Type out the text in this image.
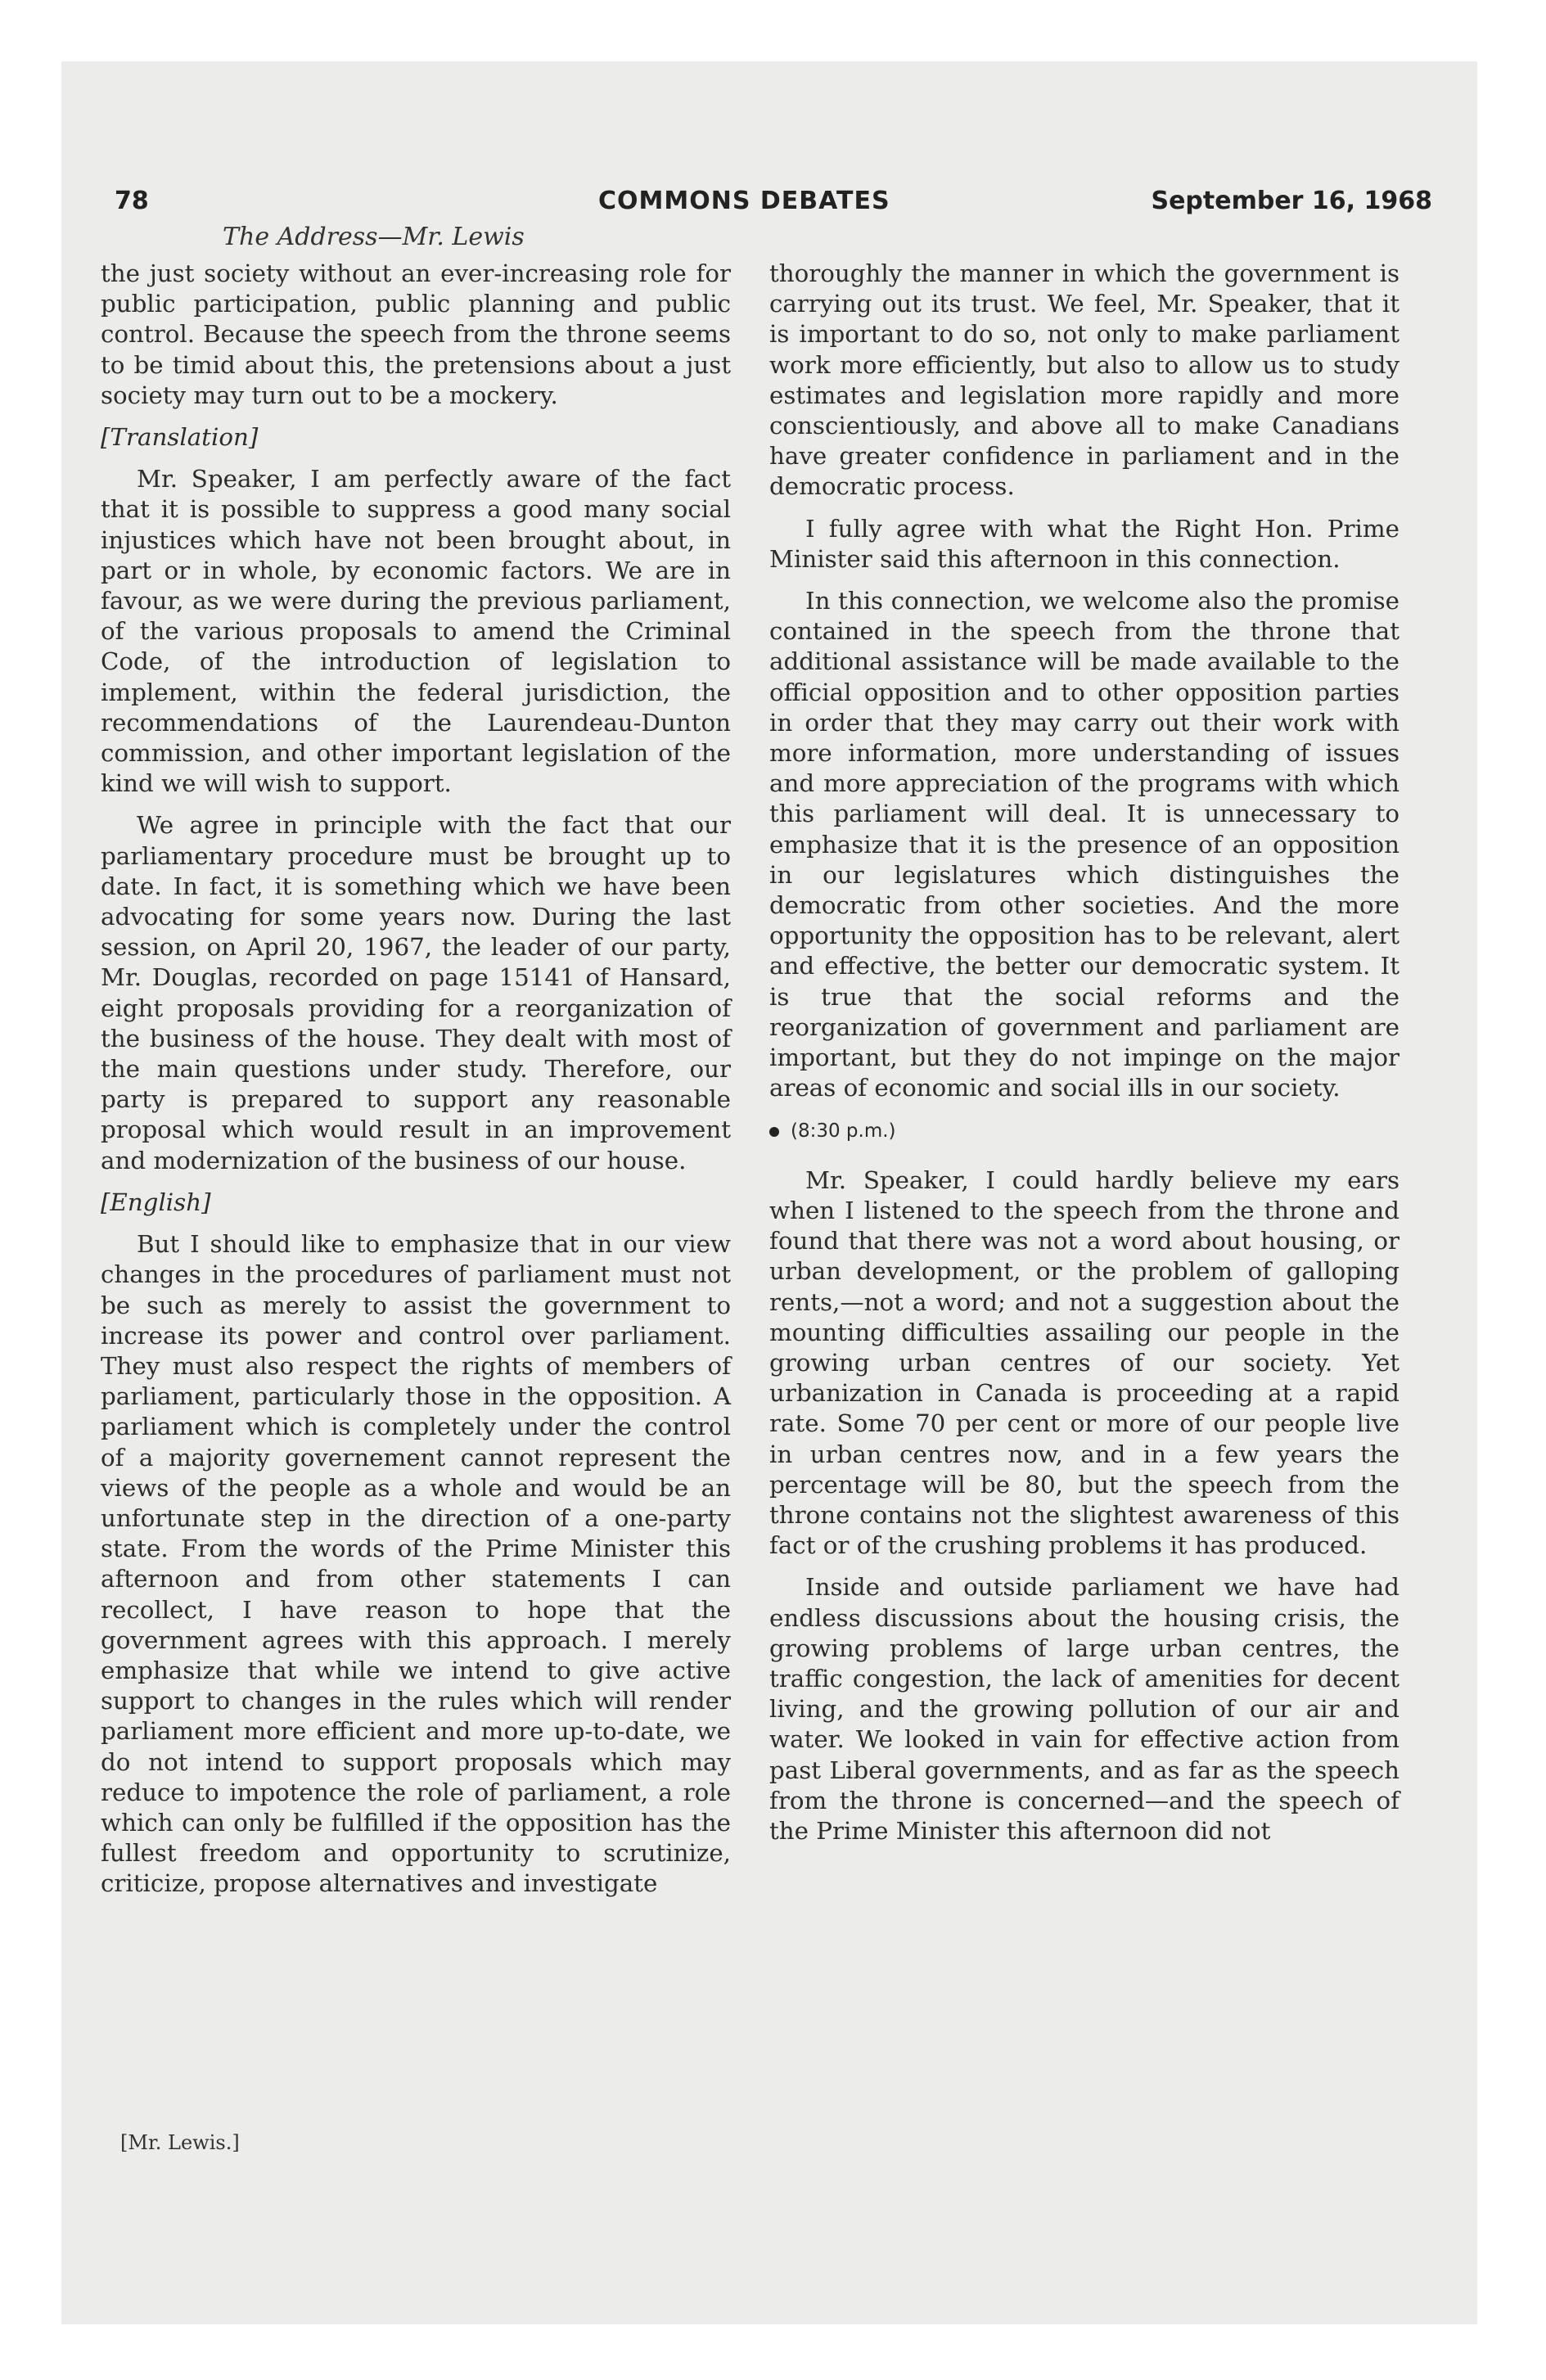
78	COMMONS DEBATES	September 16, 1968
The Address—Mr. Lewis

the just society without an ever-increasing role for public participation, public planning and public control. Because the speech from the throne seems to be timid about this, the pretensions about a just society may turn out to be a mockery.

[Translation]

Mr. Speaker, I am perfectly aware of the fact that it is possible to suppress a good many social injustices which have not been brought about, in part or in whole, by economic factors. We are in favour, as we were during the previous parliament, of the various proposals to amend the Criminal Code, of the introduction of legislation to implement, within the federal jurisdiction, the recommendations of the Laurendeau-Dunton commission, and other important legislation of the kind we will wish to support.

We agree in principle with the fact that our parliamentary procedure must be brought up to date. In fact, it is something which we have been advocating for some years now. During the last session, on April 20, 1967, the leader of our party, Mr. Douglas, recorded on page 15141 of Hansard, eight proposals providing for a reorganization of the business of the house. They dealt with most of the main questions under study. Therefore, our party is prepared to support any reasonable proposal which would result in an improvement and modernization of the business of our house.

[English]

But I should like to emphasize that in our view changes in the procedures of parliament must not be such as merely to assist the government to increase its power and control over parliament. They must also respect the rights of members of parliament, particularly those in the opposition. A parliament which is completely under the control of a majority governement cannot represent the views of the people as a whole and would be an unfortunate step in the direction of a one-party state. From the words of the Prime Minister this afternoon and from other statements I can recollect, I have reason to hope that the government agrees with this approach. I merely emphasize that while we intend to give active support to changes in the rules which will render parliament more efficient and more up-to-date, we do not intend to support proposals which may reduce to impotence the role of parliament, a role which can only be fulfilled if the opposition has the fullest freedom and opportunity to scrutinize, criticize, propose alternatives and investigate

thoroughly the manner in which the government is carrying out its trust. We feel, Mr. Speaker, that it is important to do so, not only to make parliament work more efficiently, but also to allow us to study estimates and legislation more rapidly and more conscientiously, and above all to make Canadians have greater confidence in parliament and in the democratic process.

I fully agree with what the Right Hon. Prime Minister said this afternoon in this connection.

In this connection, we welcome also the promise contained in the speech from the throne that additional assistance will be made available to the official opposition and to other opposition parties in order that they may carry out their work with more information, more understanding of issues and more appreciation of the programs with which this parliament will deal. It is unnecessary to emphasize that it is the presence of an opposition in our legislatures which distinguishes the democratic from other societies. And the more opportunity the opposition has to be relevant, alert and effective, the better our democratic system. It is true that the social reforms and the reorganization of government and parliament are important, but they do not impinge on the major areas of economic and social ills in our society.

(8:30 p.m.)

Mr. Speaker, I could hardly believe my ears when I listened to the speech from the throne and found that there was not a word about housing, or urban development, or the problem of galloping rents,—not a word; and not a suggestion about the mounting difficulties assailing our people in the growing urban centres of our society. Yet urbanization in Canada is proceeding at a rapid rate. Some 70 per cent or more of our people live in urban centres now, and in a few years the percentage will be 80, but the speech from the throne contains not the slightest awareness of this fact or of the crushing problems it has produced.

Inside and outside parliament we have had endless discussions about the housing crisis, the growing problems of large urban centres, the traffic congestion, the lack of amenities for decent living, and the growing pollution of our air and water. We looked in vain for effective action from past Liberal governments, and as far as the speech from the throne is concerned—and the speech of the Prime Minister this afternoon did not

[Mr. Lewis.]
